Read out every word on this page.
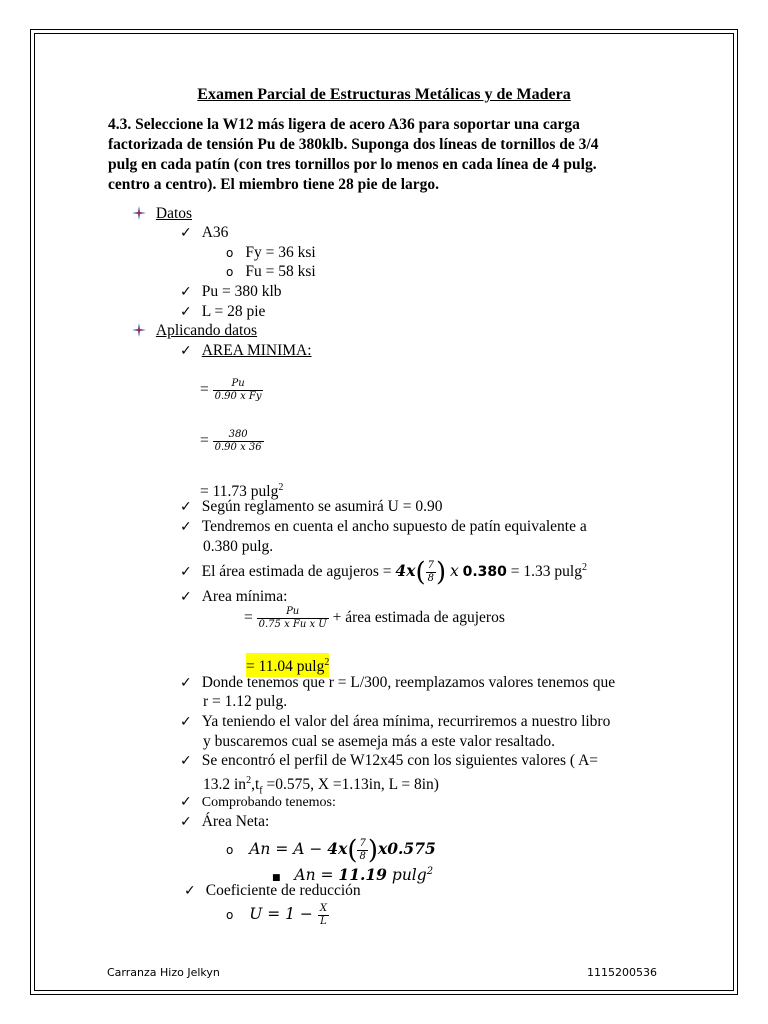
Examen Parcial de Estructuras Metálicas y de Madera
4.3. Seleccione la W12 más ligera de acero A36 para soportar una carga
factorizada de tensión Pu de 380klb. Suponga dos líneas de tornillos de 3/4
pulg en cada patín (con tres tornillos por lo menos en cada línea de 4 pulg.
centro a centro). El miembro tiene 28 pie de largo.
Datos
✓ A36
o Fy = 36 ksi
o Fu = 58 ksi
✓ Pu = 380 klb
✓ L = 28 pie
Aplicando datos
✓ AREA MINIMA:
= $\frac{Pu}{\text{0.90 x Fy}}$
= $\frac{380}{0.90 x 36}$
= 11.73 pulg$^2$
✓ Según reglamento se asumirá U = 0.90
✓ Tendremos en cuenta el ancho supuesto de patín equivalente a
0.380 pulg.
✓ El área estimada de agujeros = $4x( \frac{7}{8}$ ) x 0.380 = 1.33 pulg$^2$
✓ Area mínima:
= $\frac{Pu}{\text{0.75 x Fu x U}}$ + área estimada de agujeros
= 11.04 pulg$^2$
✓ Donde tenemos que r = L/300, reemplazamos valores tenemos que
r = 1.12 pulg.
✓ Ya teniendo el valor del área mínima, recurriremos a nuestro libro
y buscaremos cual se asemeja más a este valor resaltado.
✓ Se encontró el perfil de W12x45 con los siguientes valores ( A=
13.2 $in^2,t_f =0.575$, X =1.13in, L = 8in)
✓ Comprobando tenemos:
✓ Área Neta:
o $An = A - 4x( \frac{7}{8} )x0.575$
■ An = 11.19 pulg$^2$
✓ Coeficiente de reducción
o $U = 1 - \frac{X}{L}$
Carranza Hizo Jelkyn	1115200536
